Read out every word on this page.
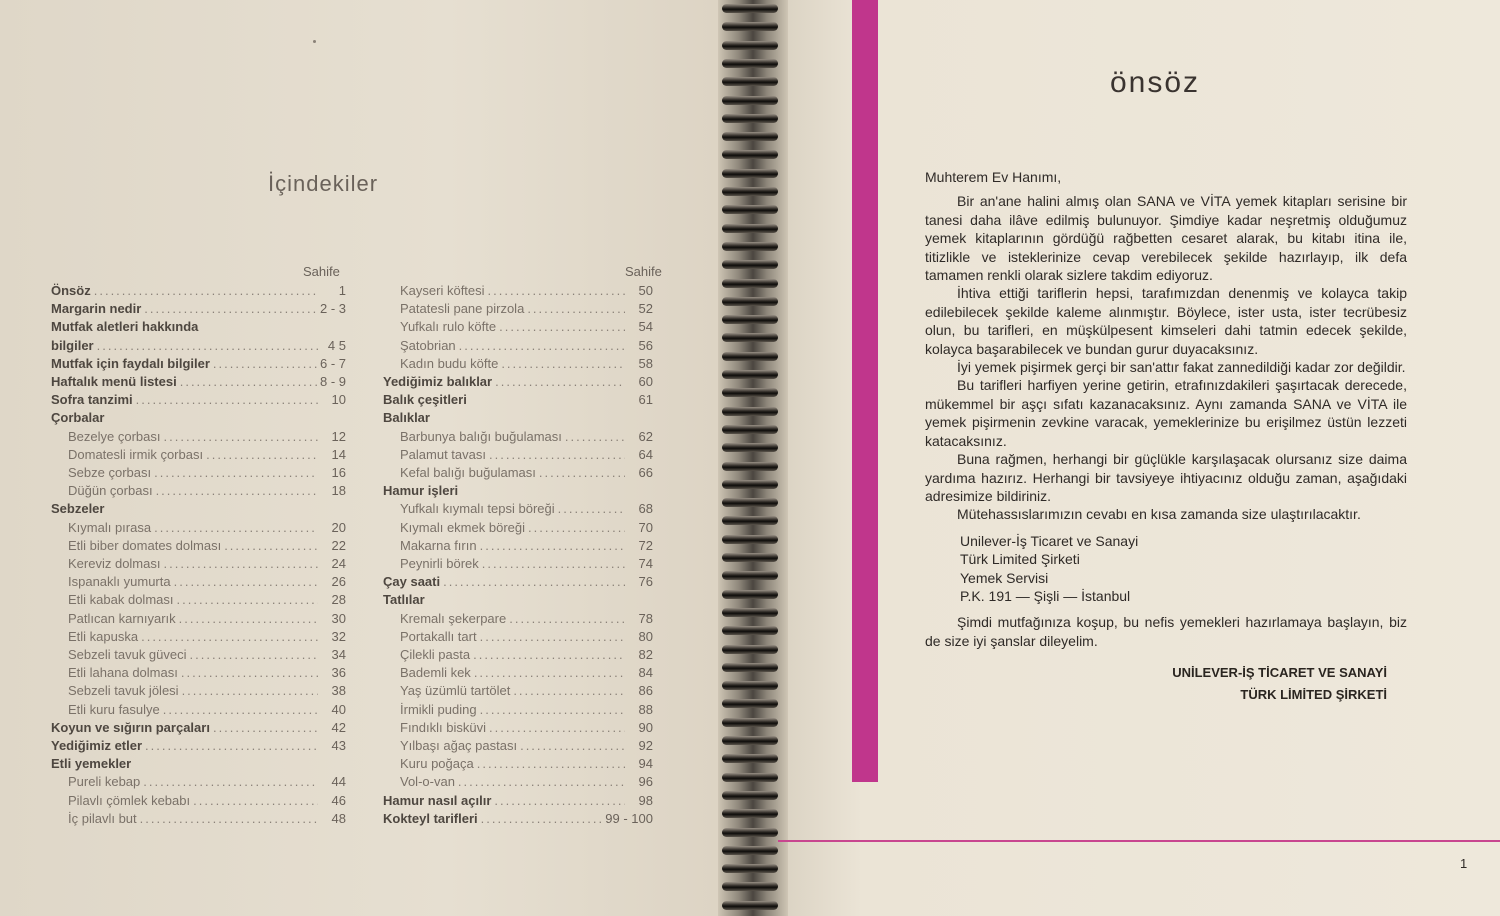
İçindekiler
Sahife
Önsöz .....	1
Margarin nedir .....	2 - 3
Mutfak aletleri hakkında
bilgiler .....	4 5
Mutfak için faydalı bilgiler .....	6 - 7
Haftalık menü listesi .....	8 - 9
Sofra tanzimi .....	10
Çorbalar
Bezelye çorbası .....	12
Domatesli irmik çorbası .....	14
Sebze çorbası .....	16
Düğün çorbası .....	18
Sebzeler
Kıymalı pırasa .....	20
Etli biber domates dolması .....	22
Kereviz dolması .....	24
Ispanaklı yumurta .....	26
Etli kabak dolması .....	28
Patlıcan karnıyarık .....	30
Etli kapuska .....	32
Sebzeli tavuk güveci .....	34
Etli lahana dolması .....	36
Sebzeli tavuk jölesi .....	38
Etli kuru fasulye .....	40
Koyun ve sığırın parçaları .....	42
Yediğimiz etler .....	43
Etli yemekler
Pureli kebap .....	44
Pilavlı çömlek kebabı .....	46
İç pilavlı but .....	48
Sahife
Kayseri köftesi .....	50
Patatesli pane pirzola .....	52
Yufkalı rulo köfte .....	54
Şatobrian .....	56
Kadın budu köfte .....	58
Yediğimiz balıklar .....	60
Balık çeşitleri	61
Balıklar
Barbunya balığı buğulaması .....	62
Palamut tavası .....	64
Kefal balığı buğulaması .....	66
Hamur işleri
Yufkalı kıymalı tepsi böreği .....	68
Kıymalı ekmek böreği .....	70
Makarna fırın .....	72
Peynirli börek .....	74
Çay saati .....	76
Tatlılar
Kremalı şekerpare .....	78
Portakallı tart .....	80
Çilekli pasta .....	82
Bademli kek .....	84
Yaş üzümlü tartölet .....	86
İrmikli puding .....	88
Fındıklı bisküvi .....	90
Yılbaşı ağaç pastası .....	92
Kuru poğaça .....	94
Vol-o-van .....	96
Hamur nasıl açılır .....	98
Kokteyl tarifleri .....	99 - 100
önsöz

Muhterem Ev Hanımı,

Bir an'ane halini almış olan SANA ve VİTA yemek kitapları serisine bir tanesi daha ilâve edilmiş bulunuyor. Şimdiye kadar neşretmiş olduğumuz yemek kitaplarının gördüğü rağbetten cesaret alarak, bu kitabı itina ile, titizlikle ve isteklerinize cevap verebilecek şekilde hazırlayıp, ilk defa tamamen renkli olarak sizlere takdim ediyoruz.

İhtiva ettiği tariflerin hepsi, tarafımızdan denenmiş ve kolayca takip edilebilecek şekilde kaleme alınmıştır. Böylece, ister usta, ister tecrübesiz olun, bu tarifleri, en müşkülpesent kimseleri dahi tatmin edecek şekilde, kolayca başarabilecek ve bundan gurur duyacaksınız.

İyi yemek pişirmek gerçi bir san'attır fakat zannedildiği kadar zor değildir.

Bu tarifleri harfiyen yerine getirin, etrafınızdakileri şaşırtacak derecede, mükemmel bir aşçı sıfatı kazanacaksınız. Aynı zamanda SANA ve VİTA ile yemek pişirmenin zevkine varacak, yemeklerinize bu erişilmez üstün lezzeti katacaksınız.

Buna rağmen, herhangi bir güçlükle karşılaşacak olursanız size daima yardıma hazırız. Herhangi bir tavsiyeye ihtiyacınız olduğu zaman, aşağıdaki adresimize bildiriniz.

Mütehassıslarımızın cevabı en kısa zamanda size ulaştırılacaktır.

Unilever-İş Ticaret ve Sanayi
Türk Limited Şirketi
Yemek Servisi
P.K. 191 — Şişli — İstanbul

Şimdi mutfağınıza koşup, bu nefis yemekleri hazırlamaya başlayın, biz de size iyi şanslar dileyelim.

UNİLEVER-İŞ TİCARET VE SANAYİ
TÜRK LİMİTED ŞİRKETİ
1
